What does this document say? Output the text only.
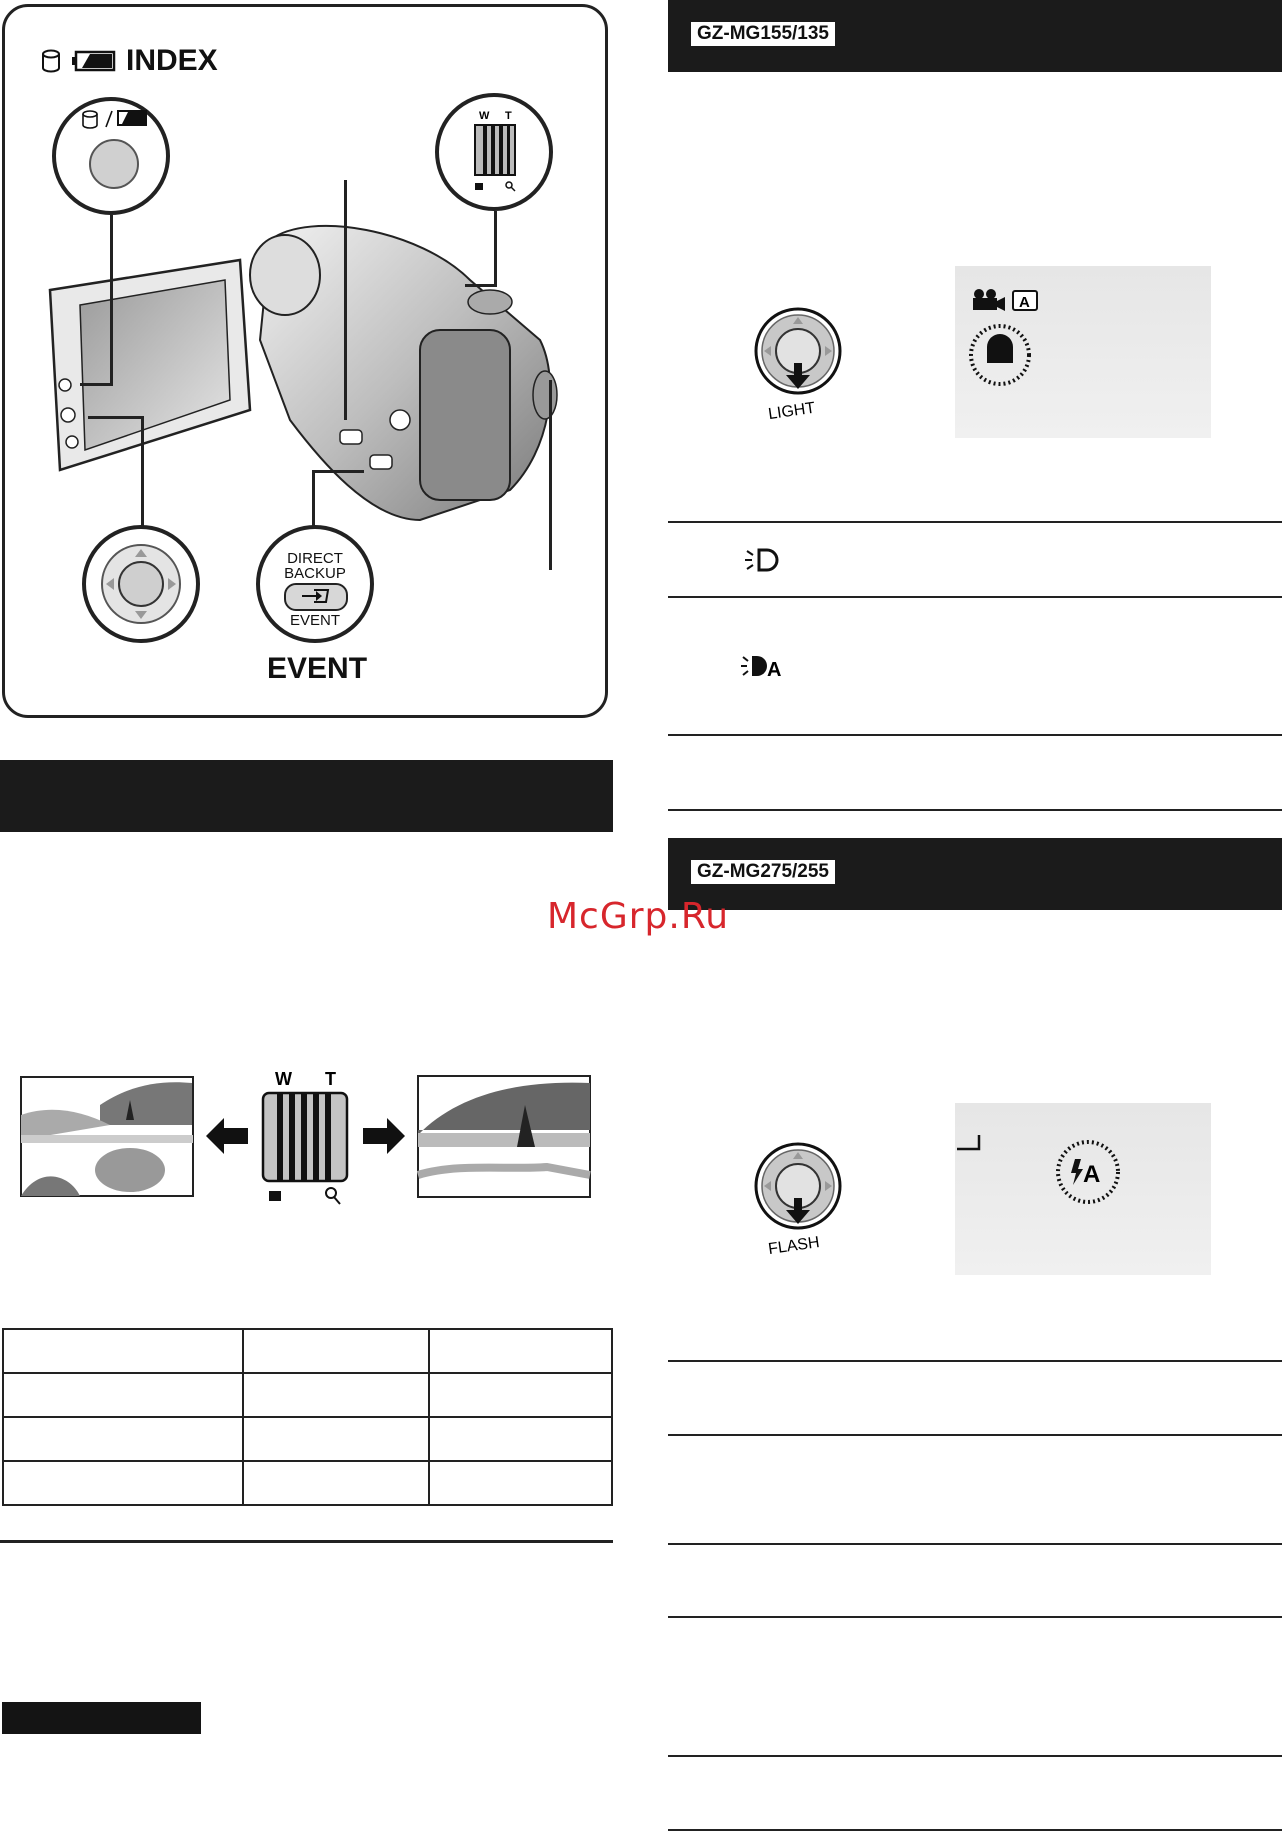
INDEX
W T
DIRECT
BACKUP
EVENT
EVENT
W T

GZ-MG155/135
LIGHT
A
A
GZ-MG275/255
McGrp.Ru
FLASH
A
